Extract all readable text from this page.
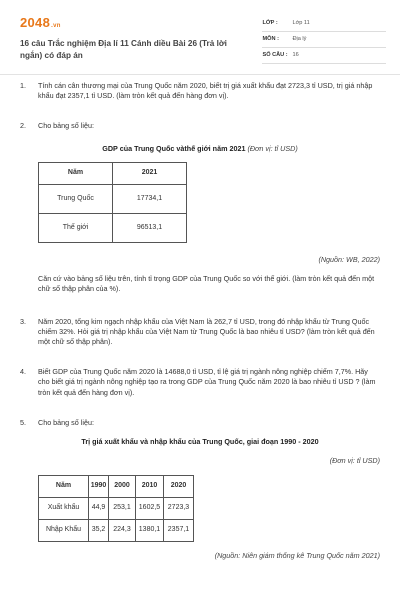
2048 .vn
16 câu Trắc nghiệm Địa lí 11 Cánh diều Bài 26 (Trả lời ngắn) có đáp án
LỚP :	Lớp 11
MÔN :	Địa lý
SỐ CÂU : 16
1. Tính cán cân thương mại của Trung Quốc năm 2020, biết trị giá xuất khẩu đạt 2723,3 tỉ USD, trị giá nhập khẩu đạt 2357,1 tỉ USD. (làm tròn kết quả đến hàng đơn vị).

2. Cho bảng số liệu:

GDP của Trung Quốc vàthế giới năm 2021 (Đơn vị: tỉ USD)
Năm	2021
Trung Quốc	17734,1
Thế giới	96513,1
(Nguồn: WB, 2022)

Căn cứ vào bảng số liệu trên, tính tỉ trọng GDP của Trung Quốc so với thế giới. (làm tròn kết quả đến một chữ số thập phân của %).

3. Năm 2020, tổng kim ngạch nhập khẩu của Việt Nam là 262,7 tỉ USD, trong đó nhập khẩu từ Trung Quốc chiếm 32%. Hỏi giá trị nhập khẩu của Việt Nam từ Trung Quốc là bao nhiêu tỉ USD? (làm tròn kết quả đến một chữ số thập phân).

4. Biết GDP của Trung Quốc năm 2020 là 14688,0 tỉ USD, tỉ lệ giá trị ngành nông nghiệp chiếm 7,7%. Hãy cho biết giá trị ngành nông nghiệp tạo ra trong GDP của Trung Quốc năm 2020 là bao nhiêu tỉ USD ? (làm tròn kết quả đến hàng đơn vị).

5. Cho bảng số liệu:

Trị giá xuất khẩu và nhập khẩu của Trung Quốc, giai đoạn 1990 - 2020
(Đơn vị: tỉ USD)
Năm	1990	2000	2010	2020
Xuất khẩu	44,9	253,1	1602,5	2723,3
Nhập Khẩu	35,2	224,3	1380,1	2357,1
(Nguồn: Niên giám thống kê Trung Quốc năm 2021)
